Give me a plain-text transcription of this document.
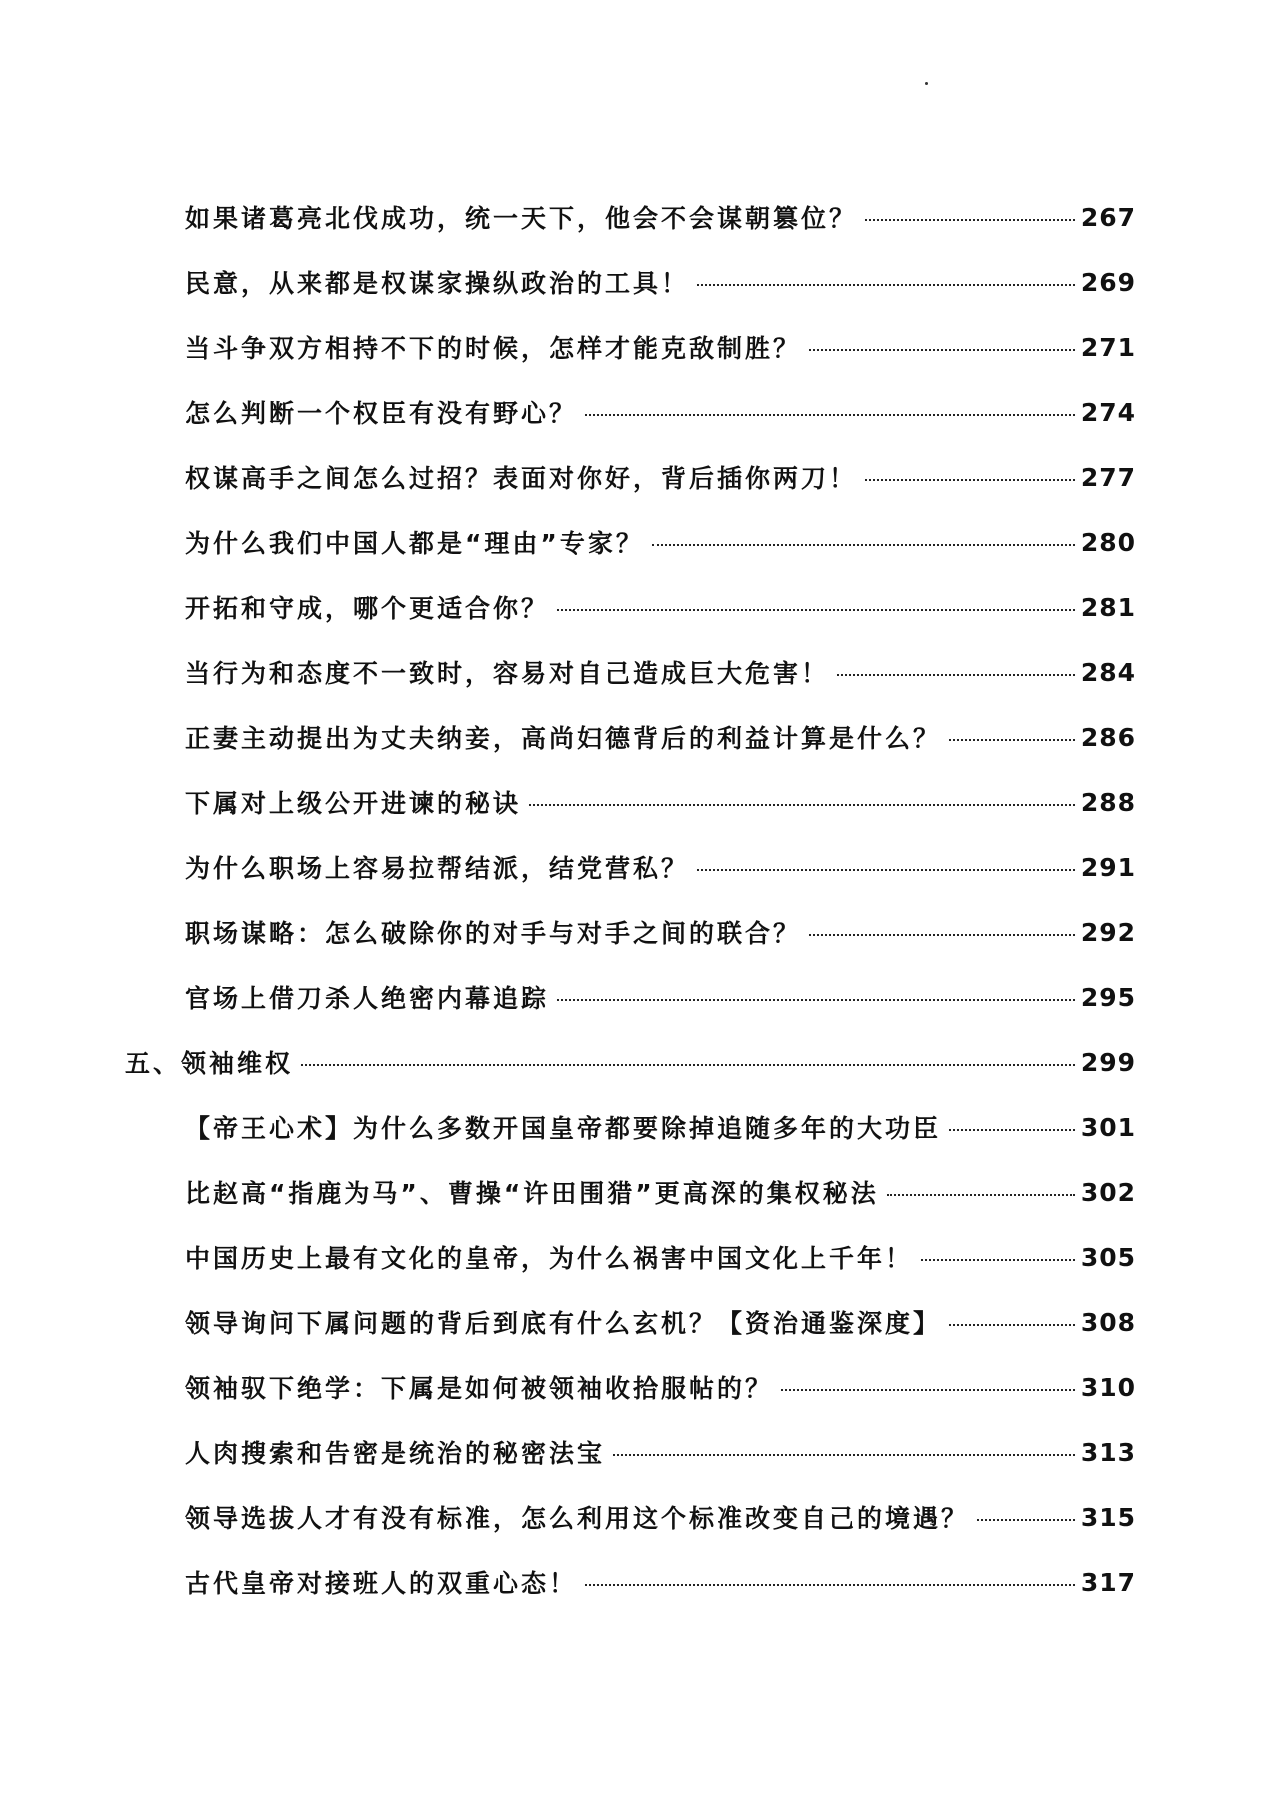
如果诸葛亮北伐成功，统一天下，他会不会谋朝篡位？	267
民意，从来都是权谋家操纵政治的工具！	269
当斗争双方相持不下的时候，怎样才能克敌制胜？	271
怎么判断一个权臣有没有野心？	274
权谋高手之间怎么过招？表面对你好，背后插你两刀！	277
为什么我们中国人都是“理由”专家？	280
开拓和守成，哪个更适合你？	281
当行为和态度不一致时，容易对自己造成巨大危害！	284
正妻主动提出为丈夫纳妾，高尚妇德背后的利益计算是什么？	286
下属对上级公开进谏的秘诀	288
为什么职场上容易拉帮结派，结党营私？	291
职场谋略：怎么破除你的对手与对手之间的联合？	292
官场上借刀杀人绝密内幕追踪	295
五、领袖维权	299
【帝王心术】为什么多数开国皇帝都要除掉追随多年的大功臣	301
比赵高“指鹿为马”、曹操“许田围猎”更高深的集权秘法	302
中国历史上最有文化的皇帝，为什么祸害中国文化上千年！	305
领导询问下属问题的背后到底有什么玄机？【资治通鉴深度】	308
领袖驭下绝学：下属是如何被领袖收拾服帖的？	310
人肉搜索和告密是统治的秘密法宝	313
领导选拔人才有没有标准，怎么利用这个标准改变自己的境遇？	315
古代皇帝对接班人的双重心态！	317
